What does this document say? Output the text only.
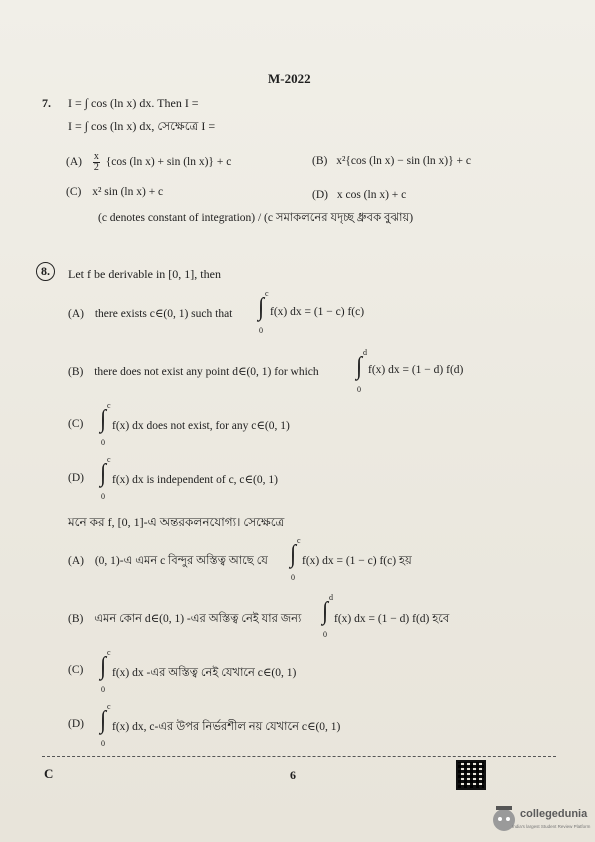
M-2022
7. I = ∫ cos (ln x) dx. Then I =
I = ∫ cos (ln x) dx, সেক্ষেত্রে I =
$(A) \frac{x}{2} \{\cos$ (ln x) + sin (ln x)} + c	(B) x²{cos (ln x) − sin (ln x)} + c
(C) x² sin (ln x) + c	(D) x cos (ln x) + c
(c denotes constant of integration) / (c সমাকলনের যদৃচ্ছ ধ্রুবক বুঝায়)
8.	Let f be derivable in [0, 1], then
(A) there exists c∈(0, 1) such that ∫ c
0
f(x) dx = (1 − c) f(c)
(B) there does not exist any point d∈(0, 1) for which ∫ d
0
f(x) dx = (1 − d) f(d)
(C) ∫ c
0
f(x) dx does not exist, for any c∈(0, 1)
(D) ∫ c
0
f(x) dx is independent of c, c∈(0, 1)
মনে কর f, [0, 1]-এ অন্তরকলনযোগ্য। সেক্ষেত্রে
(A) (0, 1)-এ এমন c বিন্দুর অস্তিত্ব আছে যে ∫ c
0
f(x) dx = (1 − c) f(c) হয়
(B) এমন কোন d∈(0, 1) -এর অস্তিত্ব নেই যার জন্য ∫ d
0
f(x) dx = (1 − d) f(d) হবে
(C) ∫ c
0
f(x) dx -এর অস্তিত্ব নেই যেখানে c∈(0, 1)
(D) ∫ c
0
f(x) dx, c-এর উপর নির্ভরশীল নয় যেখানে c∈(0, 1)
C	6
collegedunia
India's largest Student Review Platform
